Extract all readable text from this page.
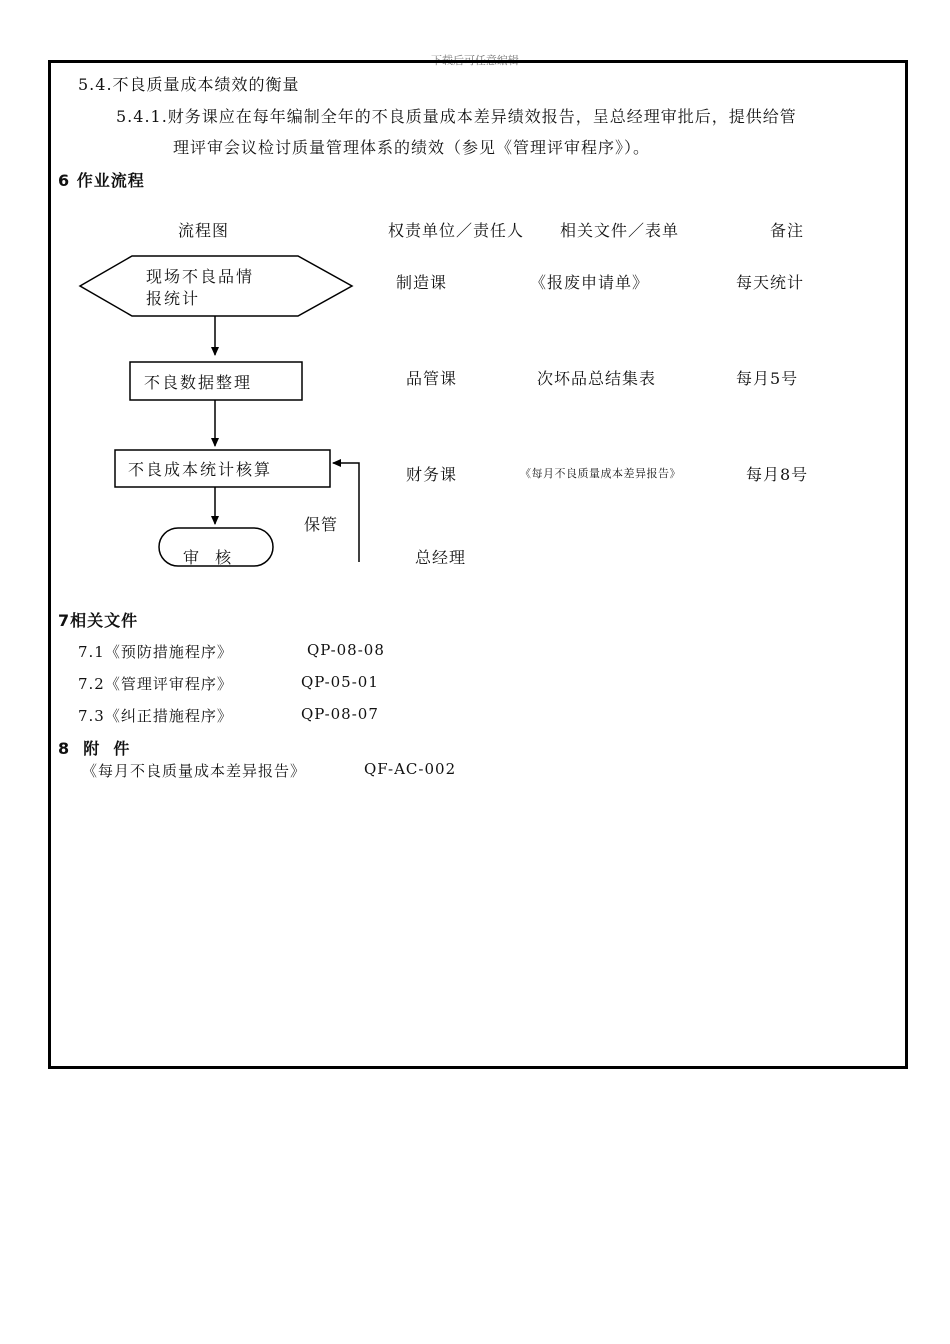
下载后可任意编辑
5.4.不良质量成本绩效的衡量
5.4.1.财务课应在每年编制全年的不良质量成本差异绩效报告，呈总经理审批后，提供给管
理评审会议检讨质量管理体系的绩效（参见《管理评审程序》）。
6 作业流程
流程图	权责单位／责任人 相关文件／表单	备注
现场不良品情
报统计
不良数据整理
不良成本统计核算
审  核
保管
制造课	《报废申请单》	每天统计
品管课	次坏品总结集表	每月5号
财务课	《每月不良质量成本差异报告》	每月8号
总经理
7相关文件
7.1《预防措施程序》	QP-08-08
7.2《管理评审程序》	QP-05-01
7.3《纠正措施程序》	QP-08-07
8  附  件
《每月不良质量成本差异报告》	QF-AC-002
